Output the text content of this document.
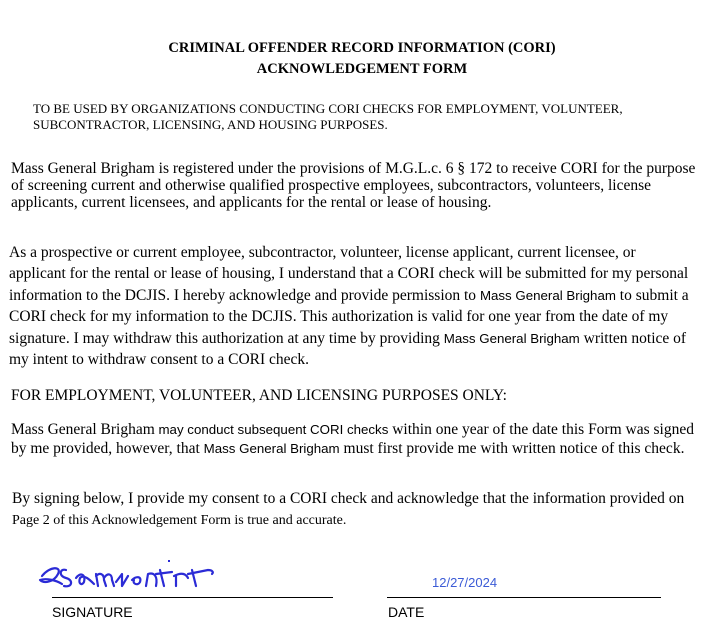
CRIMINAL OFFENDER RECORD INFORMATION (CORI)
ACKNOWLEDGEMENT FORM
TO BE USED BY ORGANIZATIONS CONDUCTING CORI CHECKS FOR EMPLOYMENT, VOLUNTEER,
SUBCONTRACTOR, LICENSING, AND HOUSING PURPOSES.
Mass General Brigham is registered under the provisions of M.G.L.c. 6 § 172 to receive CORI for the purpose
of screening current and otherwise qualified prospective employees, subcontractors, volunteers, license
applicants, current licensees, and applicants for the rental or lease of housing.
As a prospective or current employee, subcontractor, volunteer, license applicant, current licensee, or
applicant for the rental or lease of housing, I understand that a CORI check will be submitted for my personal
information to the DCJIS. I hereby acknowledge and provide permission to Mass General Brigham to submit a
CORI check for my information to the DCJIS. This authorization is valid for one year from the date of my
signature. I may withdraw this authorization at any time by providing Mass General Brigham written notice of
my intent to withdraw consent to a CORI check.
FOR EMPLOYMENT, VOLUNTEER, AND LICENSING PURPOSES ONLY:
Mass General Brigham may conduct subsequent CORI checks within one year of the date this Form was signed
by me provided, however, that Mass General Brigham must first provide me with written notice of this check.
By signing below, I provide my consent to a CORI check and acknowledge that the information provided on
Page 2 of this Acknowledgement Form is true and accurate.
12/27/2024
SIGNATURE	DATE
